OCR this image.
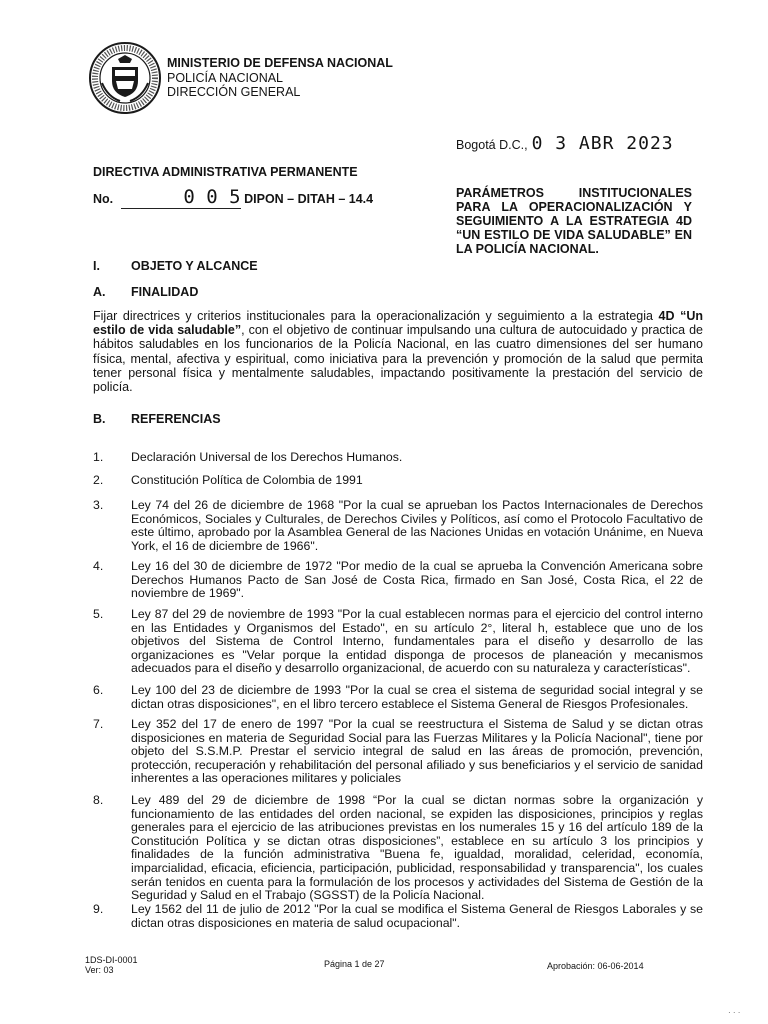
MINISTERIO DE DEFENSA NACIONAL
POLICÍA NACIONAL
DIRECCIÓN GENERAL
Bogotá D.C., 0 3 ABR 2023
DIRECTIVA ADMINISTRATIVA PERMANENTE
No.	0 0 5 DIPON – DITAH – 14.4	PARÁMETROS INSTITUCIONALES PARA LA OPERACIONALIZACIÓN Y SEGUIMIENTO A LA ESTRATEGIA 4D “UN ESTILO DE VIDA SALUDABLE” EN LA POLICÍA NACIONAL.
I. OBJETO Y ALCANCE
A. FINALIDAD
Fijar directrices y criterios institucionales para la operacionalización y seguimiento a la estrategia 4D “Un estilo de vida saludable”, con el objetivo de continuar impulsando una cultura de autocuidado y practica de hábitos saludables en los funcionarios de la Policía Nacional, en las cuatro dimensiones del ser humano física, mental, afectiva y espiritual, como iniciativa para la prevención y promoción de la salud que permita tener personal física y mentalmente saludables, impactando positivamente la prestación del servicio de policía.
B. REFERENCIAS
1.	Declaración Universal de los Derechos Humanos.
2.	Constitución Política de Colombia de 1991
3.	Ley 74 del 26 de diciembre de 1968 "Por la cual se aprueban los Pactos Internacionales de Derechos Económicos, Sociales y Culturales, de Derechos Civiles y Políticos, así como el Protocolo Facultativo de este último, aprobado por la Asamblea General de las Naciones Unidas en votación Unánime, en Nueva York, el 16 de diciembre de 1966".
4.	Ley 16 del 30 de diciembre de 1972 "Por medio de la cual se aprueba la Convención Americana sobre Derechos Humanos Pacto de San José de Costa Rica, firmado en San José, Costa Rica, el 22 de noviembre de 1969".
5.	Ley 87 del 29 de noviembre de 1993 "Por la cual establecen normas para el ejercicio del control interno en las Entidades y Organismos del Estado", en su artículo 2°, literal h, establece que uno de los objetivos del Sistema de Control Interno, fundamentales para el diseño y desarrollo de las organizaciones es "Velar porque la entidad disponga de procesos de planeación y mecanismos adecuados para el diseño y desarrollo organizacional, de acuerdo con su naturaleza y características".
6.	Ley 100 del 23 de diciembre de 1993 "Por la cual se crea el sistema de seguridad social integral y se dictan otras disposiciones", en el libro tercero establece el Sistema General de Riesgos Profesionales.
7.	Ley 352 del 17 de enero de 1997 "Por la cual se reestructura el Sistema de Salud y se dictan otras disposiciones en materia de Seguridad Social para las Fuerzas Militares y la Policía Nacional", tiene por objeto del S.S.M.P. Prestar el servicio integral de salud en las áreas de promoción, prevención, protección, recuperación y rehabilitación del personal afiliado y sus beneficiarios y el servicio de sanidad inherentes a las operaciones militares y policiales
8.	Ley 489 del 29 de diciembre de 1998 “Por la cual se dictan normas sobre la organización y funcionamiento de las entidades del orden nacional, se expiden las disposiciones, principios y reglas generales para el ejercicio de las atribuciones previstas en los numerales 15 y 16 del artículo 189 de la Constitución Política y se dictan otras disposiciones”, establece en su artículo 3 los principios y finalidades de la función administrativa "Buena fe, igualdad, moralidad, celeridad, economía, imparcialidad, eficacia, eficiencia, participación, publicidad, responsabilidad y transparencia", los cuales serán tenidos en cuenta para la formulación de los procesos y actividades del Sistema de Gestión de la Seguridad y Salud en el Trabajo (SGSST) de la Policía Nacional.
9.	Ley 1562 del 11 de julio de 2012 "Por la cual se modifica el Sistema General de Riesgos Laborales y se dictan otras disposiciones en materia de salud ocupacional".
1DS-DI-0001
Ver: 03
Página 1 de 27	Aprobación: 06-06-2014
· · ·
